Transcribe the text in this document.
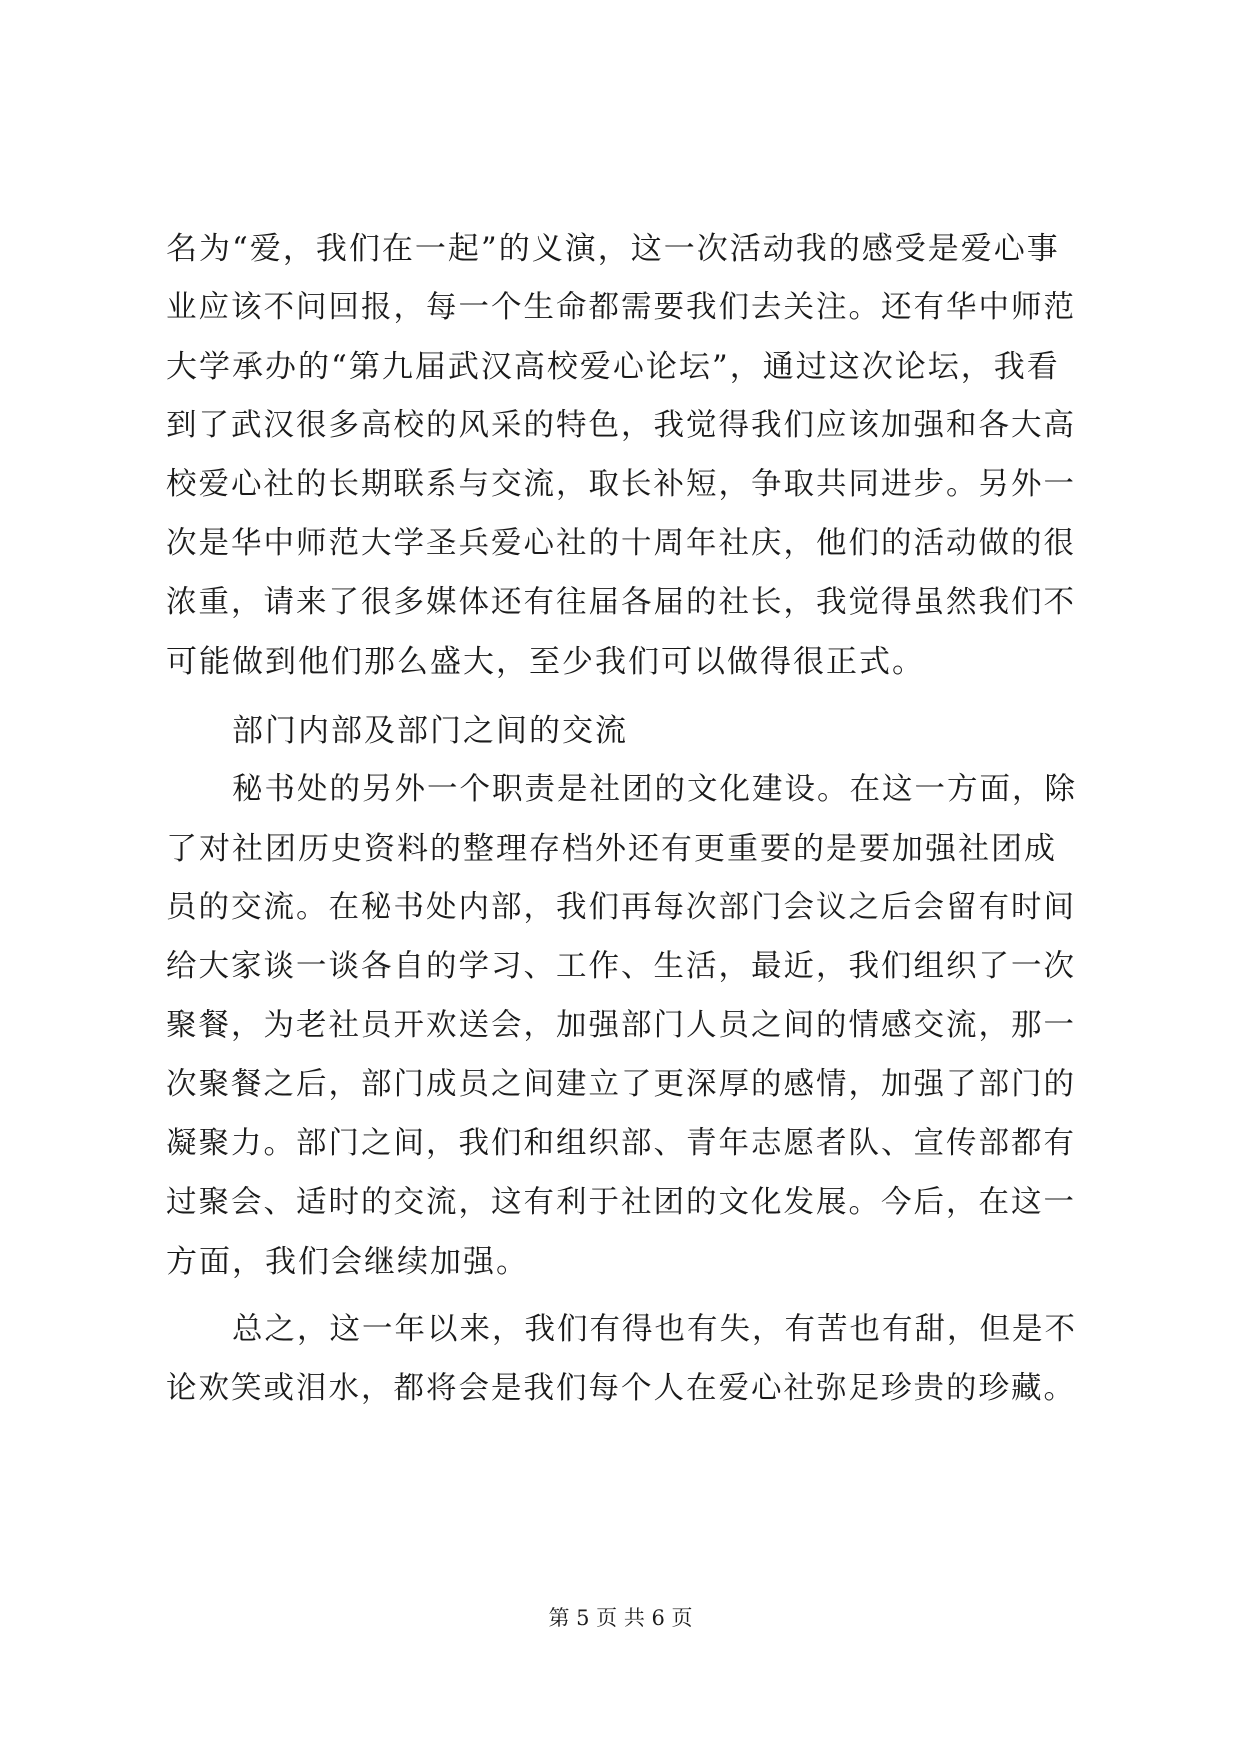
名为“爱，我们在一起”的义演，这一次活动我的感受是爱心事
业应该不问回报，每一个生命都需要我们去关注。还有华中师范
大学承办的“第九届武汉高校爱心论坛”，通过这次论坛，我看
到了武汉很多高校的风采的特色，我觉得我们应该加强和各大高
校爱心社的长期联系与交流，取长补短，争取共同进步。另外一
次是华中师范大学圣兵爱心社的十周年社庆，他们的活动做的很
浓重，请来了很多媒体还有往届各届的社长，我觉得虽然我们不
可能做到他们那么盛大，至少我们可以做得很正式。
部门内部及部门之间的交流
秘书处的另外一个职责是社团的文化建设。在这一方面，除
了对社团历史资料的整理存档外还有更重要的是要加强社团成
员的交流。在秘书处内部，我们再每次部门会议之后会留有时间
给大家谈一谈各自的学习、工作、生活，最近，我们组织了一次
聚餐，为老社员开欢送会，加强部门人员之间的情感交流，那一
次聚餐之后，部门成员之间建立了更深厚的感情，加强了部门的
凝聚力。部门之间，我们和组织部、青年志愿者队、宣传部都有
过聚会、适时的交流，这有利于社团的文化发展。今后，在这一
方面，我们会继续加强。
总之，这一年以来，我们有得也有失，有苦也有甜，但是不
论欢笑或泪水，都将会是我们每个人在爱心社弥足珍贵的珍藏。
第 5 页 共 6 页
